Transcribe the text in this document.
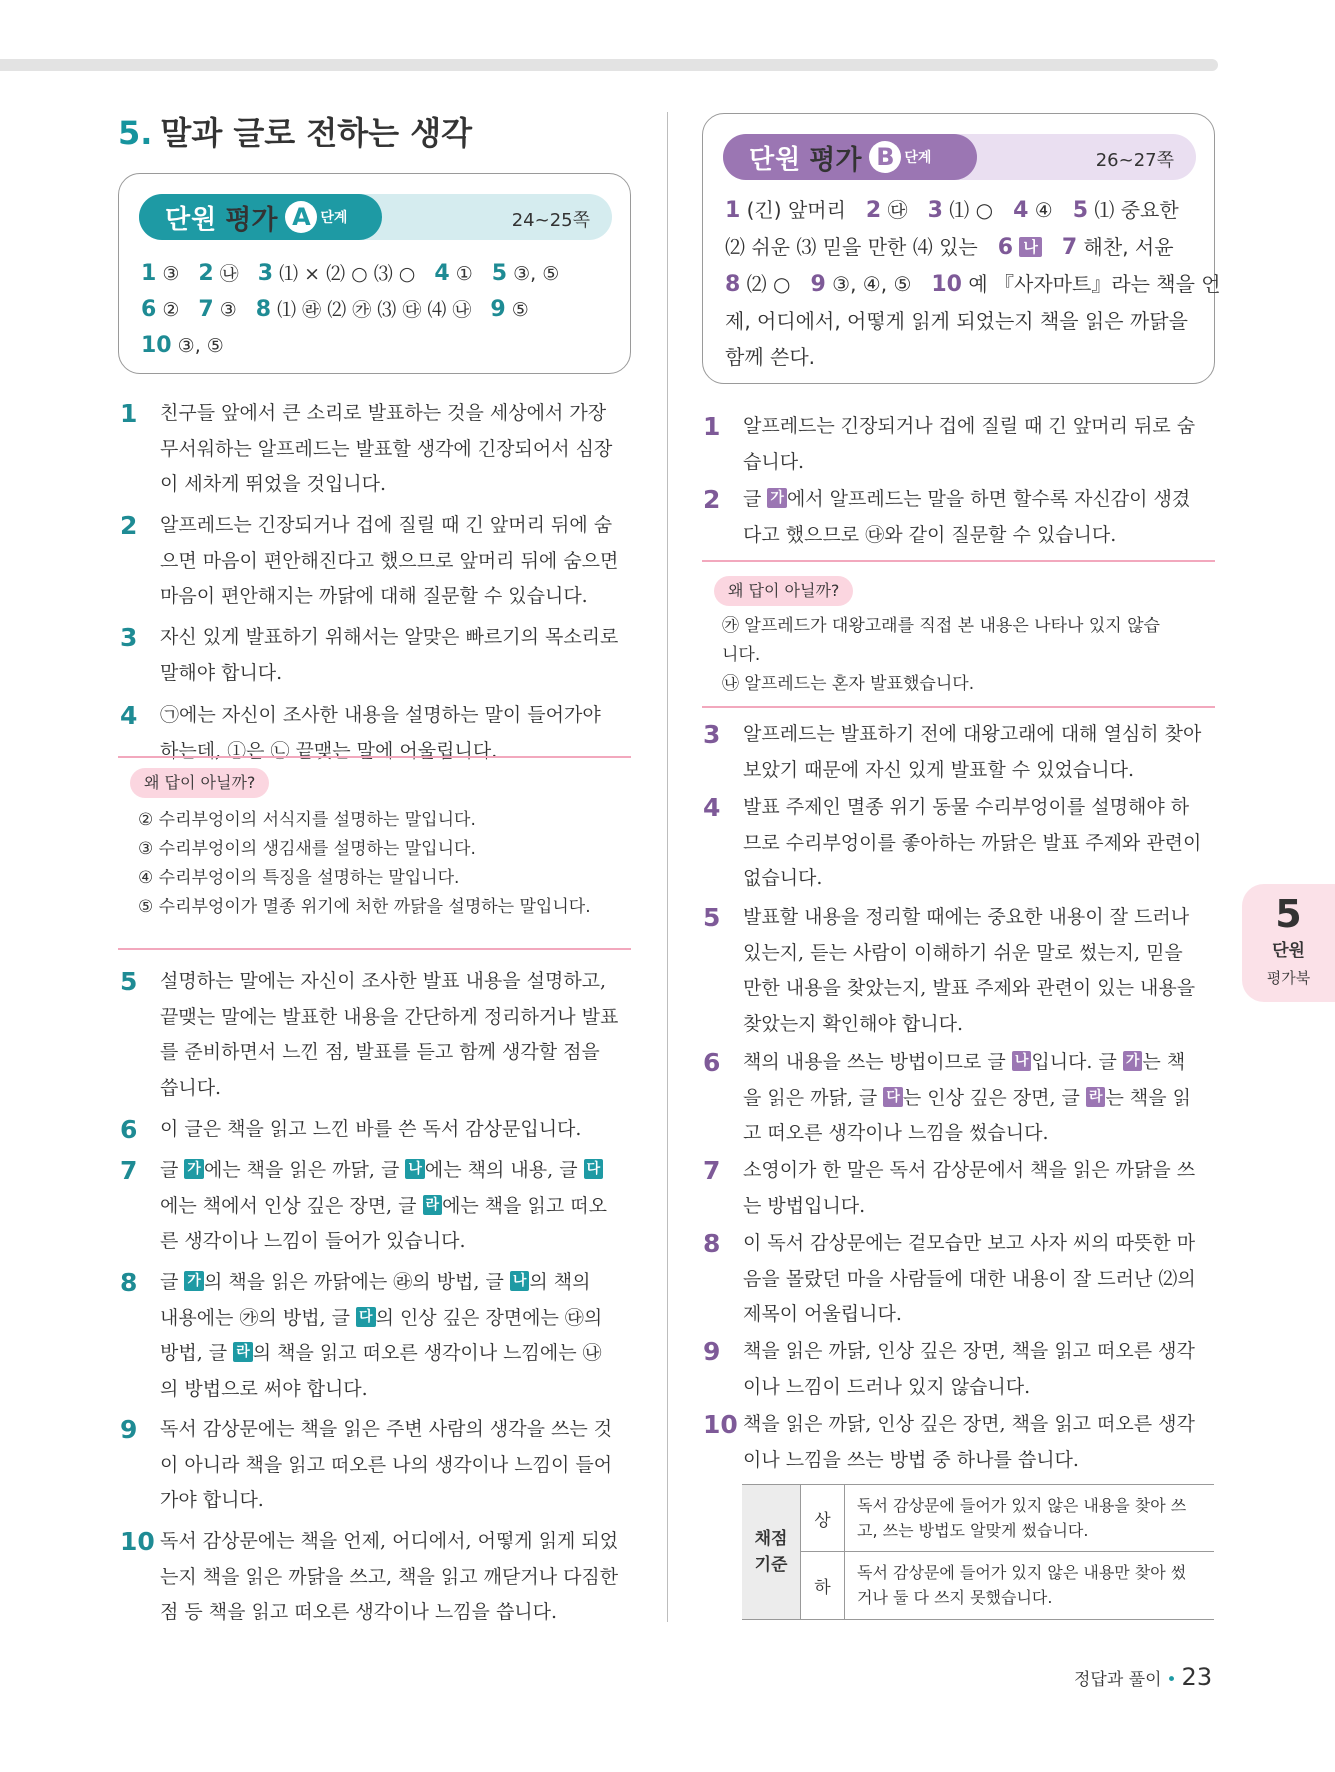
5. 말과 글로 전하는 생각
단원 평가 A 단계	24~25쪽
1 ③  2 ㉯  3 ⑴ × ⑵ ○ ⑶ ○  4 ①  5 ③, ⑤
6 ②  7 ③  8 ⑴ ㉱ ⑵ ㉮ ⑶ ㉰ ⑷ ㉯  9 ⑤
10 ③, ⑤
단원 평가 B 단계	26~27쪽
1 (긴) 앞머리  2 ㉰  3 ⑴ ○  4 ④  5 ⑴ 중요한
⑵ 쉬운 ⑶ 믿을 만한 ⑷ 있는  6 나  7 해찬, 서윤
8 ⑵ ○  9 ③, ④, ⑤  10 예 『사자마트』라는 책을 언
제, 어디에서, 어떻게 읽게 되었는지 책을 읽은 까닭을
함께 쓴다.
1 친구들 앞에서 큰 소리로 발표하는 것을 세상에서 가장
무서워하는 알프레드는 발표할 생각에 긴장되어서 심장
이 세차게 뛰었을 것입니다.
2 알프레드는 긴장되거나 겁에 질릴 때 긴 앞머리 뒤에 숨
으면 마음이 편안해진다고 했으므로 앞머리 뒤에 숨으면
마음이 편안해지는 까닭에 대해 질문할 수 있습니다.
3 자신 있게 발표하기 위해서는 알맞은 빠르기의 목소리로
말해야 합니다.
4 ㉠에는 자신이 조사한 내용을 설명하는 말이 들어가야
하는데, ①은 ㉡ 끝맺는 말에 어울립니다.
5 설명하는 말에는 자신이 조사한 발표 내용을 설명하고,
끝맺는 말에는 발표한 내용을 간단하게 정리하거나 발표
를 준비하면서 느낀 점, 발표를 듣고 함께 생각할 점을
씁니다.
6 이 글은 책을 읽고 느낀 바를 쓴 독서 감상문입니다.
7 글 가 에는 책을 읽은 까닭, 글 나 에는 책의 내용, 글 다
에는 책에서 인상 깊은 장면, 글 라 에는 책을 읽고 떠오
른 생각이나 느낌이 들어가 있습니다.
8 글 가 의 책을 읽은 까닭에는 ㉱의 방법, 글 나 의 책의
내용에는 ㉮의 방법, 글 다 의 인상 깊은 장면에는 ㉰의
방법, 글 라 의 책을 읽고 떠오른 생각이나 느낌에는 ㉯
의 방법으로 써야 합니다.
9 독서 감상문에는 책을 읽은 주변 사람의 생각을 쓰는 것
이 아니라 책을 읽고 떠오른 나의 생각이나 느낌이 들어
가야 합니다.
10 독서 감상문에는 책을 언제, 어디에서, 어떻게 읽게 되었
는지 책을 읽은 까닭을 쓰고, 책을 읽고 깨닫거나 다짐한
점 등 책을 읽고 떠오른 생각이나 느낌을 씁니다.
왜 답이 아닐까?
② 수리부엉이의 서식지를 설명하는 말입니다.
③ 수리부엉이의 생김새를 설명하는 말입니다.
④ 수리부엉이의 특징을 설명하는 말입니다.
⑤ 수리부엉이가 멸종 위기에 처한 까닭을 설명하는 말입니다.
1 알프레드는 긴장되거나 겁에 질릴 때 긴 앞머리 뒤로 숨
습니다.
2 글 가 에서 알프레드는 말을 하면 할수록 자신감이 생겼
다고 했으므로 ㉰와 같이 질문할 수 있습니다.
3 알프레드는 발표하기 전에 대왕고래에 대해 열심히 찾아
보았기 때문에 자신 있게 발표할 수 있었습니다.
4 발표 주제인 멸종 위기 동물 수리부엉이를 설명해야 하
므로 수리부엉이를 좋아하는 까닭은 발표 주제와 관련이
없습니다.
5 발표할 내용을 정리할 때에는 중요한 내용이 잘 드러나
있는지, 듣는 사람이 이해하기 쉬운 말로 썼는지, 믿을
만한 내용을 찾았는지, 발표 주제와 관련이 있는 내용을
찾았는지 확인해야 합니다.
6 책의 내용을 쓰는 방법이므로 글 나 입니다. 글 가 는 책
을 읽은 까닭, 글 다 는 인상 깊은 장면, 글 라 는 책을 읽
고 떠오른 생각이나 느낌을 썼습니다.
7 소영이가 한 말은 독서 감상문에서 책을 읽은 까닭을 쓰
는 방법입니다.
8 이 독서 감상문에는 겉모습만 보고 사자 씨의 따뜻한 마
음을 몰랐던 마을 사람들에 대한 내용이 잘 드러난 ⑵의
제목이 어울립니다.
9 책을 읽은 까닭, 인상 깊은 장면, 책을 읽고 떠오른 생각
이나 느낌이 드러나 있지 않습니다.
10 책을 읽은 까닭, 인상 깊은 장면, 책을 읽고 떠오른 생각
이나 느낌을 쓰는 방법 중 하나를 씁니다.
왜 답이 아닐까?
㉮ 알프레드가 대왕고래를 직접 본 내용은 나타나 있지 않습
니다.
㉯ 알프레드는 혼자 발표했습니다.
채점
기준
상
독서 감상문에 들어가 있지 않은 내용을 찾아 쓰
고, 쓰는 방법도 알맞게 썼습니다.
하
독서 감상문에 들어가 있지 않은 내용만 찾아 썼
거나 둘 다 쓰지 못했습니다.
5
단원
평가북
정답과 풀이 • 23
